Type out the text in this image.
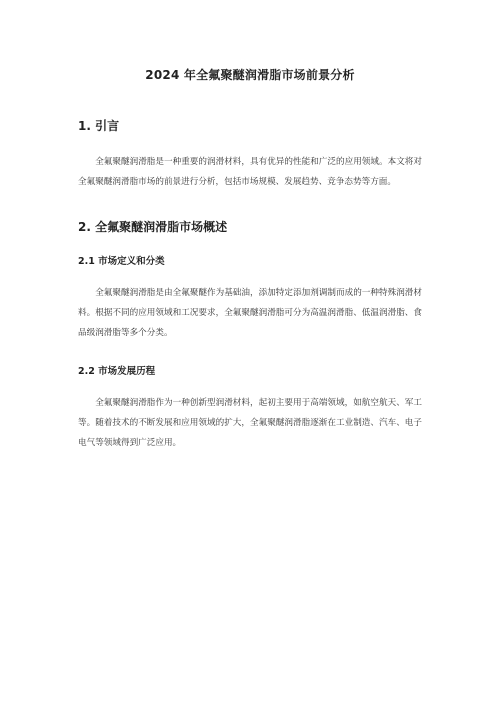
2024 年全氟聚醚润滑脂市场前景分析
1. 引言

全氟聚醚润滑脂是一种重要的润滑材料，具有优异的性能和广泛的应用领域。本文将对全氟聚醚润滑脂市场的前景进行分析，包括市场规模、发展趋势、竞争态势等方面。

2. 全氟聚醚润滑脂市场概述
2.1 市场定义和分类

全氟聚醚润滑脂是由全氟聚醚作为基础油，添加特定添加剂调制而成的一种特殊润滑材料。根据不同的应用领域和工况要求，全氟聚醚润滑脂可分为高温润滑脂、低温润滑脂、食品级润滑脂等多个分类。

2.2 市场发展历程

全氟聚醚润滑脂作为一种创新型润滑材料，起初主要用于高端领域，如航空航天、军工等。随着技术的不断发展和应用领域的扩大，全氟聚醚润滑脂逐渐在工业制造、汽车、电子电气等领域得到广泛应用。
